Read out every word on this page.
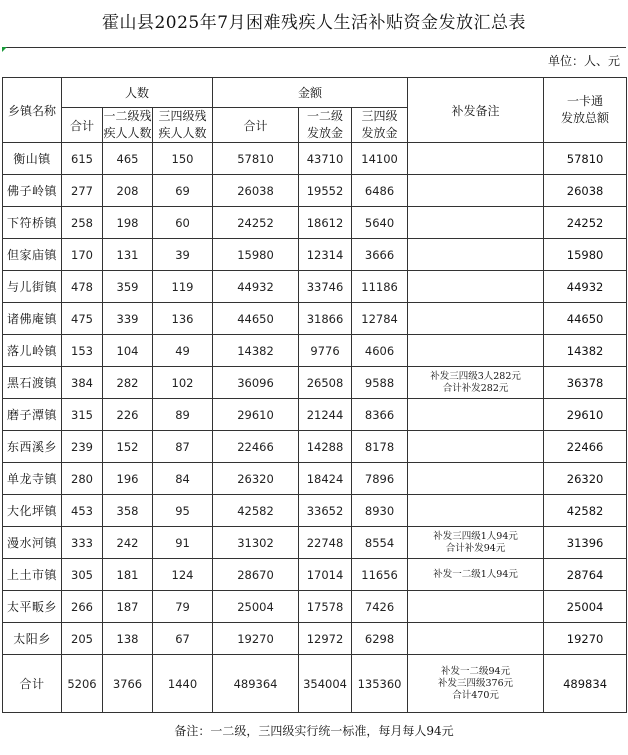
霍山县2025年7月困难残疾人生活补贴资金发放汇总表
单位：人、元
乡镇名称	人数			金额			补发备注	一卡通
发放总额
	合计	一二级残
疾人人数	三四级残
疾人人数	合计	一二级
发放金	三四级
发放金		
衡山镇	615	465	150	57810	43710	14100		57810
佛子岭镇	277	208	69	26038	19552	6486		26038
下符桥镇	258	198	60	24252	18612	5640		24252
但家庙镇	170	131	39	15980	12314	3666		15980
与儿街镇	478	359	119	44932	33746	11186		44932
诸佛庵镇	475	339	136	44650	31866	12784		44650
落儿岭镇	153	104	49	14382	9776	4606		14382
黑石渡镇	384	282	102	36096	26508	9588	补发三四级3人282元
合计补发282元	36378
磨子潭镇	315	226	89	29610	21244	8366		29610
东西溪乡	239	152	87	22466	14288	8178		22466
单龙寺镇	280	196	84	26320	18424	7896		26320
大化坪镇	453	358	95	42582	33652	8930		42582
漫水河镇	333	242	91	31302	22748	8554	补发三四级1人94元
合计补发94元	31396
上土市镇	305	181	124	28670	17014	11656	补发一二级1人94元	28764
太平畈乡	266	187	79	25004	17578	7426		25004
太阳乡	205	138	67	19270	12972	6298		19270
合计	5206	3766	1440	489364	354004	135360	补发一二级94元
补发三四级376元
合计470元	489834
备注：一二级，三四级实行统一标准，每月每人94元
